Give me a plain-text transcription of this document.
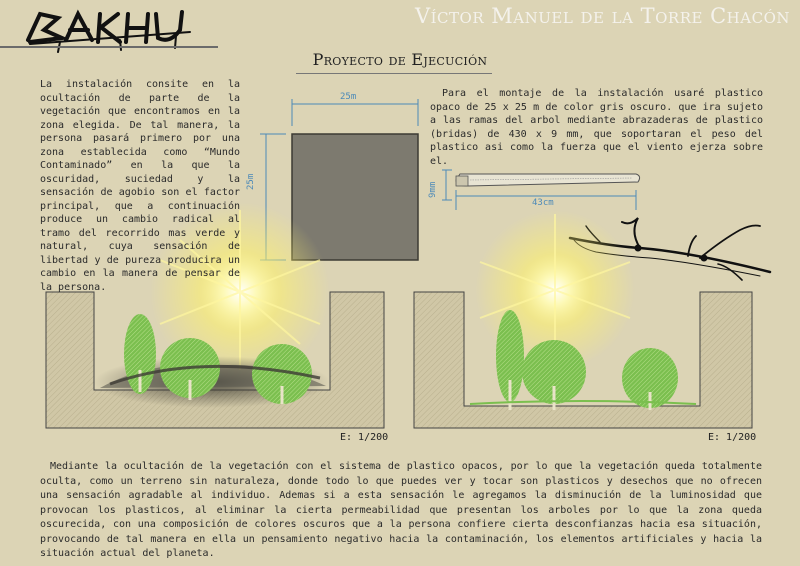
Víctor Manuel de la Torre Chacón
Proyecto de Ejecución
La instalación consite en la ocultación de parte de la vegetación que encontramos en la zona elegida. De tal manera, la persona pasará primero por una zona establecida como “Mundo Contaminado” en la que la oscuridad, suciedad y la sensación de agobio son el factor principal, que a continuación produce un cambio radical al tramo del recorrido mas verde y natural, cuya sensación de libertad y de pureza producira un cambio en la manera de pensar de la persona.
Para el montaje de la instalación usaré plastico opaco de 25 x 25 m de color gris oscuro. que ira sujeto a las ramas del arbol mediante abrazaderas de plastico (bridas) de 430 x 9 mm, que soportaran el peso del plastico asi como la fuerza que el viento ejerza sobre el.
25m
25m	9mm
43cm
E: 1/200	E: 1/200
Mediante la ocultación de la vegetación con el sistema de plastico opacos, por lo que la vegetación queda totalmente oculta, como un terreno sin naturaleza, donde todo lo que puedes ver y tocar son plasticos y desechos que no ofrecen una sensación agradable al individuo. Ademas si a esta sensación le agregamos la disminución de la luminosidad que provocan los plasticos, al eliminar la cierta permeabilidad que presentan los arboles por lo que la zona queda oscurecida, con una composición de colores oscuros que a la persona confiere cierta desconfianzas hacia esa situación, provocando de tal manera en ella un pensamiento negativo hacia la contaminación, los elementos artificiales y hacia la situación actual del planeta.
